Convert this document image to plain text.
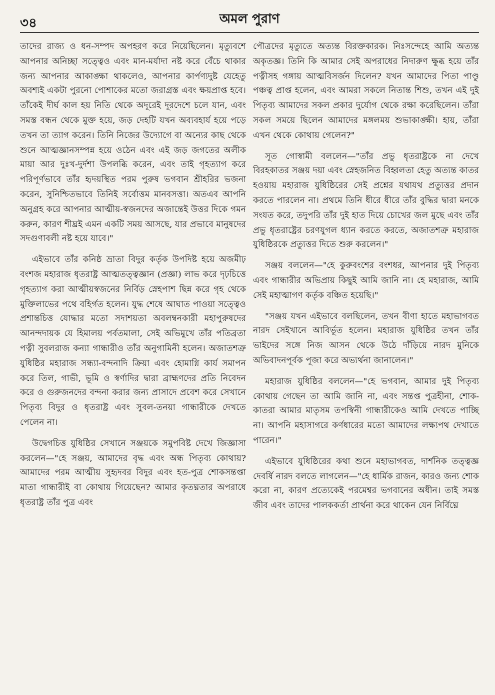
৩৪	অমল পুরাণ

তাদের রাজ্য ও ধন-সম্পদ অপহরণ করে নিয়েছিলেন। মৃত্যুবশে আপনার অনিচ্ছা সত্ত্বেও এবং মান-মর্যাদা নষ্ট করে বেঁচে থাকার জন্য আপনার আকাঙ্ক্ষা থাকলেও, আপনার কার্পণ্যদুষ্ট যেহেতু অবশ্যই একটা পুরনো পোশাকের মতো জরাগ্রস্ত এবং ক্ষয়প্রাপ্ত হবে। তাঁকেই দীর্ঘ কাল হয় নিতি থেকে অদূরেই দূরদেশে চলে যান, এবং সমস্ত বন্ধন থেকে মুক্ত হয়ে, জড় দেহটি যখন অব্যবহার্য হয়ে পড়ে তখন তা ত্যাগ করেন। তিনি নিজের উদ্যোগে বা অন্যের কাছ থেকে শুনে আত্মজ্ঞানসম্পন্ন হয়ে ওঠেন এবং এই জড় জগতের অলীক মায়া আর দুঃখ-দুর্দশা উপলব্ধি করেন, এবং তাই গৃহত্যাগ করে পরিপূর্ণভাবে তাঁর হৃদয়স্থিত পরম পুরুষ ভগবান শ্রীহরির ভজনা করেন, সুনিশ্চিতভাবে তিনিই সর্বোত্তম মানবসত্তা। অতএব আপনি অনুগ্রহ করে আপনার আত্মীয়-স্বজনদের অজান্তেই উত্তর দিকে গমন করুন, কারণ শীঘ্রই এমন একটি সময় আসছে, যার প্রভাবে মানুষদের সদগুণাবলী নষ্ট হয়ে যাবে।"

এইভাবে তাঁর কনিষ্ঠ ভ্রাতা বিদুর কর্তৃক উপদিষ্ট হয়ে অজমীঢ় বংশজ মহারাজ ধৃতরাষ্ট্র আত্মতত্ত্বজ্ঞান (প্রজ্ঞা) লাভ করে দৃঢ়চিত্তে গৃহত্যাগ করা আত্মীয়স্বজনের নির্বিড় স্নেহপাশ ছিন্ন করে গৃহ থেকে মুক্তিলাভের পথে বহির্গত হলেন। যুদ্ধ শেষে আঘাত পাওয়া সত্ত্বেও প্রশান্তচিত্ত যোদ্ধার মতো সদাশয়তা অবলম্বনকারী মহাপুরুষদের আনন্দদায়ক যে হিমালয় পর্বতমালা, সেই অভিমুখে তাঁর পতিব্রতা পত্নী সুবলরাজ কন্যা গান্ধারীও তাঁর অনুগামিনী হলেন। অজাতশত্রু যুধিষ্ঠির মহারাজ সন্ধ্যা-বন্দনাদি ক্রিয়া এবং হোমাগ্নি কার্য সমাপন করে তিল, গাভী, ভূমি ও স্বর্ণাদির দ্বারা ব্রাহ্মণদের প্রতি নিবেদন করে ও গুরুজনদের বন্দনা করার জন্য প্রাসাদে প্রবেশ করে সেখানে পিতৃব্য বিদুর ও ধৃতরাষ্ট্র এবং সুবল-তনয়া গান্ধারীকে দেখতে পেলেন না।

উদ্বেগচিত্ত যুধিষ্ঠির সেখানে সঞ্জয়কে সমুপবিষ্ট দেখে জিজ্ঞাসা করলেন—"হে সঞ্জয়, আমাদের বৃদ্ধ এবং অন্ধ পিতৃব্য কোথায়? আমাদের পরম আত্মীয় সুহৃদবর বিদুর এবং হত-পুত্র শোকসন্তপ্তা মাতা গান্ধারীই বা কোথায় গিয়েছেন? আমার কৃতঘ্নতার অপরাধে ধৃতরাষ্ট্র তাঁর পুত্র এবং

পৌত্রদের মৃত্যুতে অত্যন্ত বিরক্তকারক। নিঃসন্দেহে আমি অত্যন্ত অকৃতজ্ঞ। তিনি কি আমার সেই অপরাধের নিদারুণ ক্ষুব্ধ হয়ে তাঁর পত্নীসহ গঙ্গায় আত্মবিসর্জন দিলেন? যখন আমাদের পিতা পাণ্ডু পঞ্চত্ব প্রাপ্ত হলেন, এবং আমরা সকলে নিতান্ত শিশু, তখন এই দুই পিতৃব্য আমাদের সকল প্রকার দুর্যোগ থেকে রক্ষা করেছিলেন। তাঁরা সকল সময়ে ছিলেন আমাদের মঙ্গলময় শুভাকাঙ্ক্ষী। হায়, তাঁরা এখন থেকে কোথায় গেলেন?"

সূত গোস্বামী বললেন—"তাঁর প্রভু ধৃতরাষ্ট্রকে না দেখে বিরহকাতর সঞ্জয় দয়া এবং স্নেহজনিত বিহ্বলতা হেতু অত্যন্ত কাতর হওয়ায় মহারাজ যুধিষ্ঠিরের সেই প্রশ্নের যথাযথ প্রত্যুত্তর প্রদান করতে পারলেন না। প্রথমে তিনি ধীরে ধীরে তাঁর বুদ্ধির দ্বারা মনকে সংযত করে, তদুপরি তাঁর দুই হাত দিয়ে চোখের জল মুছে এবং তাঁর প্রভু ধৃতরাষ্ট্রের চরণযুগল ধ্যান করতে করতে, অজাতশত্রু মহারাজ যুধিষ্ঠিরকে প্রত্যুত্তর দিতে শুরু করলেন।"

সঞ্জয় বললেন—"হে কুরুবংশের বংশধর, আপনার দুই পিতৃব্য এবং গান্ধারীর অভিপ্রায় কিছুই আমি জানি না। হে মহারাজ, আমি সেই মহাত্মাগণ কর্তৃক বঞ্চিত হয়েছি।"

"সঞ্জয় যখন এইভাবে বলছিলেন, তখন বীণা হাতে মহাভাগবত নারদ সেইখানে আবির্ভূত হলেন। মহারাজ যুধিষ্ঠির তখন তাঁর ভাইদের সঙ্গে নিজ আসন থেকে উঠে দাঁড়িয়ে নারদ মুনিকে অভিবাদনপূর্বক পূজা করে অভ্যর্থনা জানালেন।"

মহারাজ যুধিষ্ঠির বললেন—"হে ভগবান, আমার দুই পিতৃব্য কোথায় গেছেন তা আমি জানি না, এবং সন্তপ্ত পুত্রহীনা, শোক-কাতরা আমার মাতৃসম তপস্বিনী গান্ধারীকেও আমি দেখতে পাচ্ছি না। আপনি মহাসাগরে কর্ণধারের মতো আমাদের লক্ষ্যপথ দেখাতে পারেন।"

এইভাবে যুধিষ্ঠিরের কথা শুনে মহাভাগবত, দার্শনিক তত্ত্বজ্ঞ দেবর্ষি নারদ বলতে লাগলেন—"হে ধার্মিক রাজন, কারও জন্য শোক করো না, কারণ প্রত্যেকেই পরমেশ্বর ভগবানের অধীন। তাই সমস্ত জীব এবং তাদের পালককর্তা প্রার্থনা করে থাকেন যেন নির্বিঘ্নে
